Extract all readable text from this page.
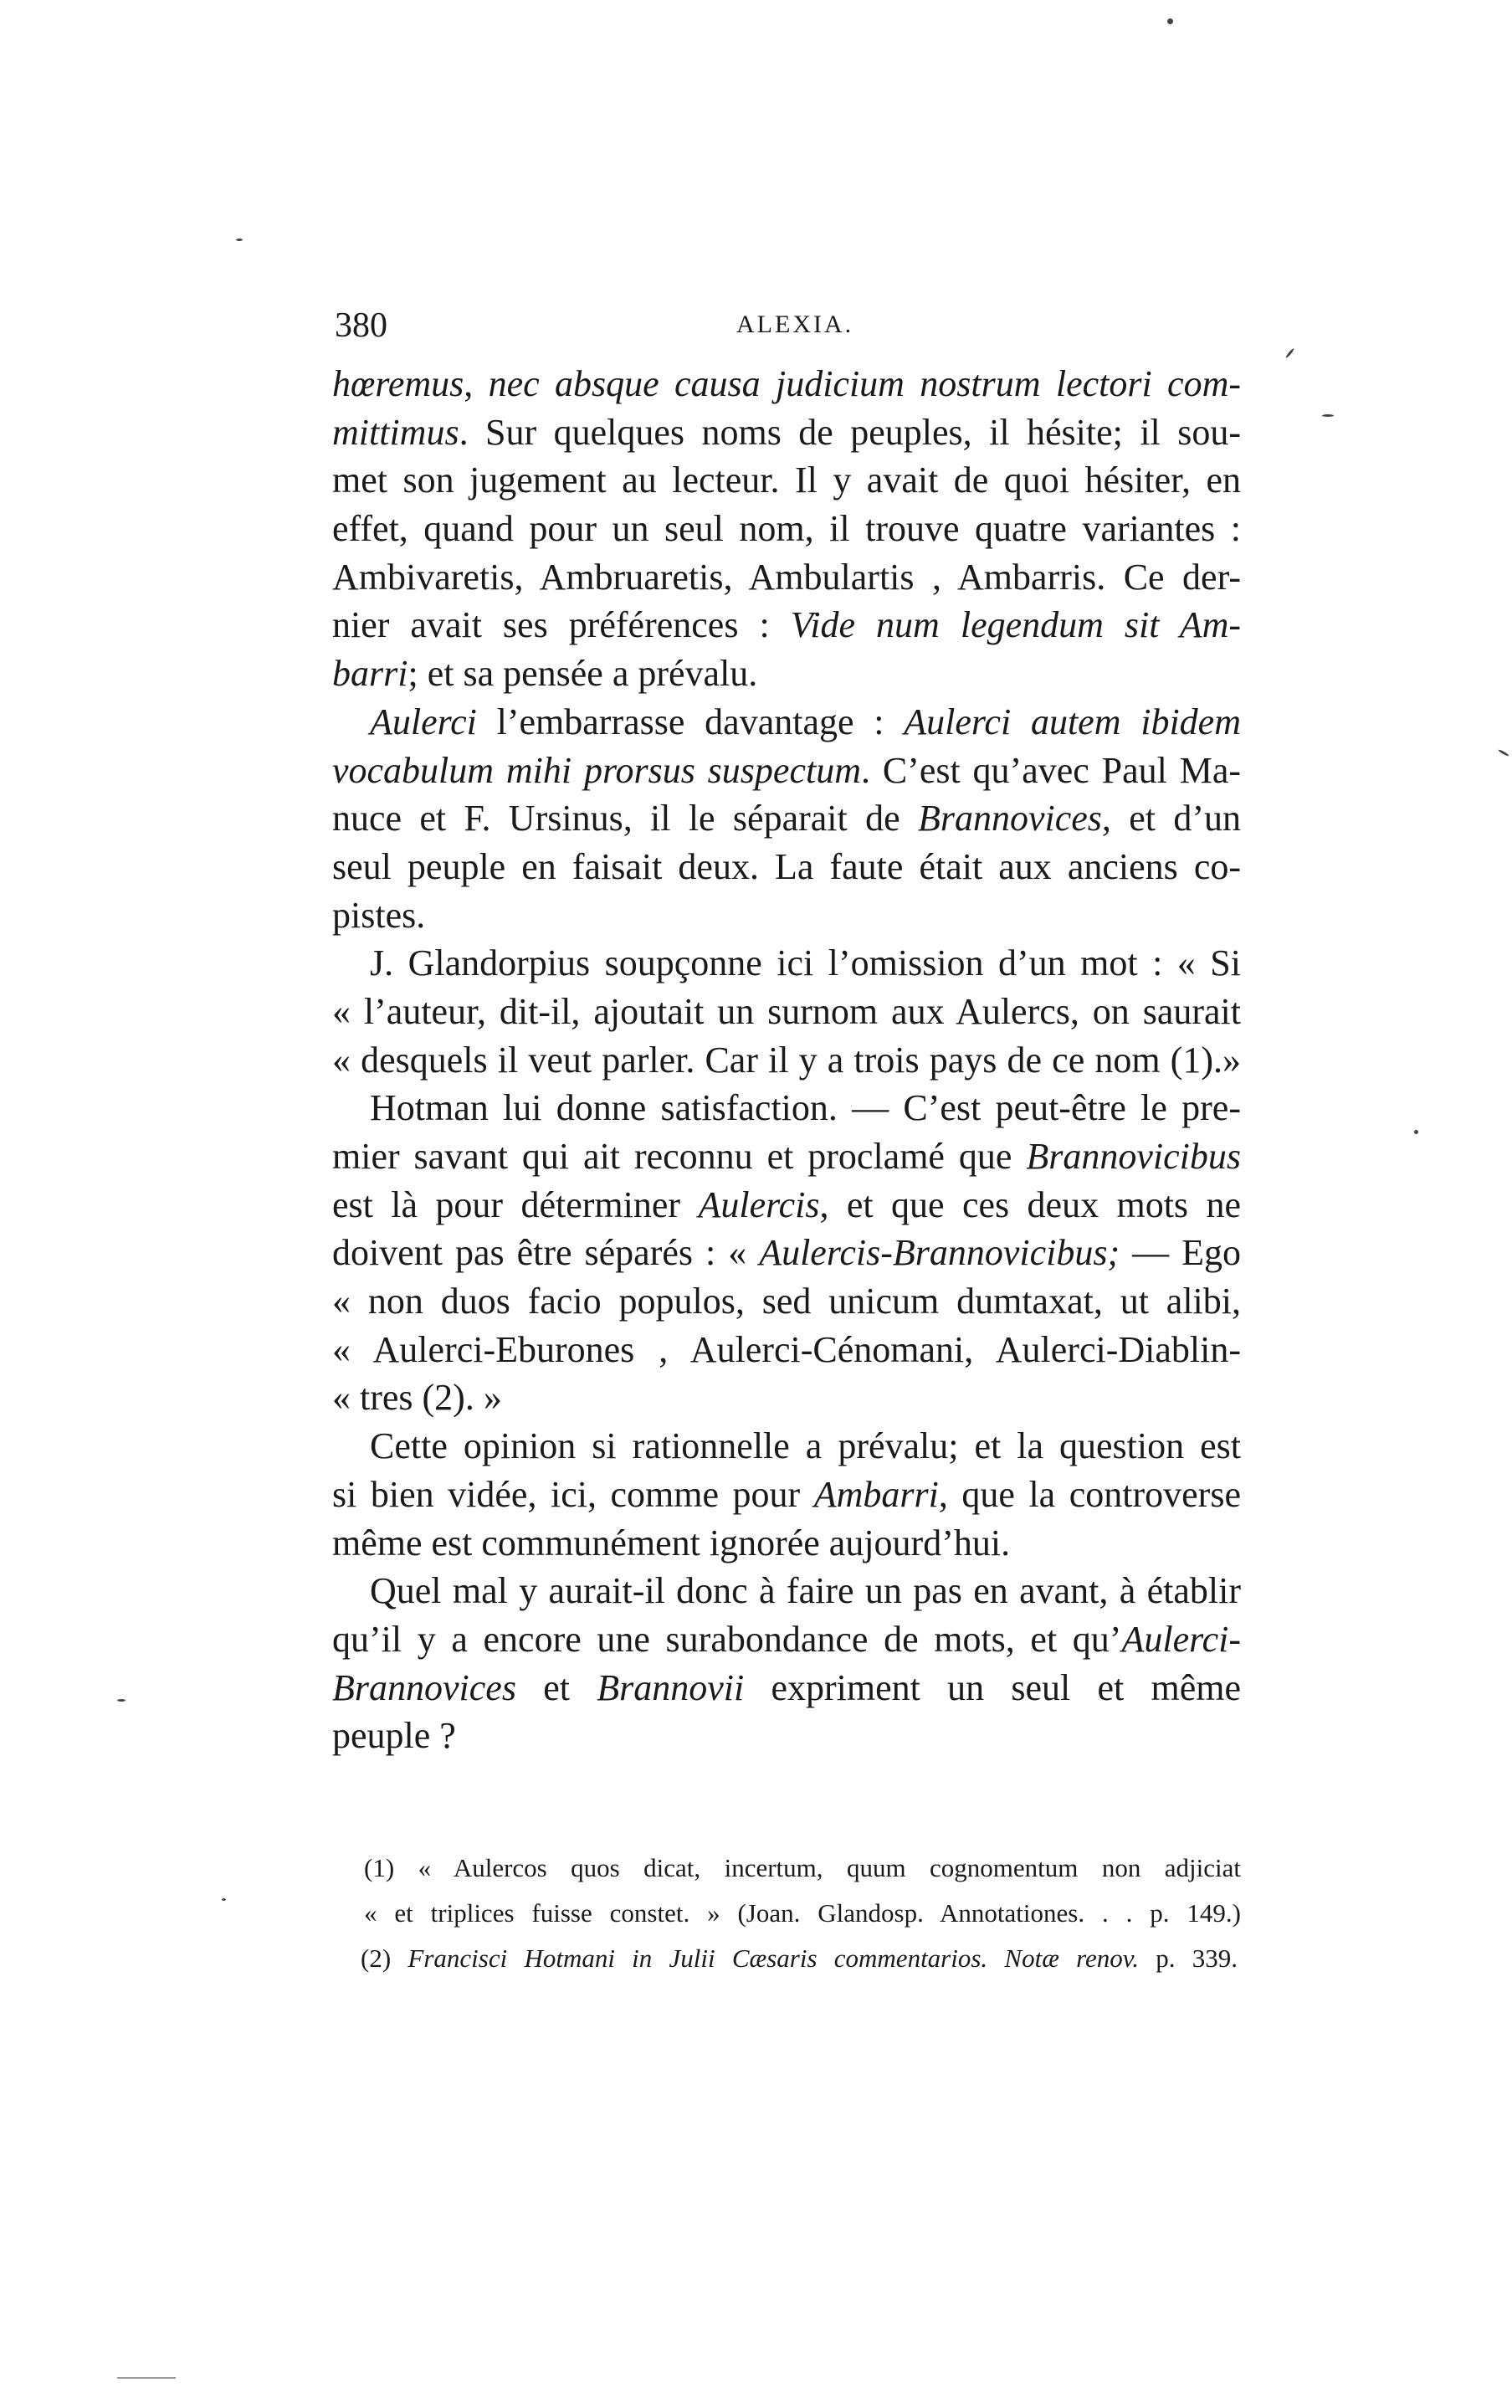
380	ALEXIA.
hœremus, nec absque causa judicium nostrum lectori com-
mittimus. Sur quelques noms de peuples, il hésite; il sou-
met son jugement au lecteur. Il y avait de quoi hésiter, en
effet, quand pour un seul nom, il trouve quatre variantes :
Ambivaretis, Ambruaretis, Ambulartis , Ambarris. Ce der-
nier avait ses préférences : Vide num legendum sit Am-
barri; et sa pensée a prévalu.
Aulerci l’embarrasse davantage : Aulerci autem ibidem
vocabulum mihi prorsus suspectum. C’est qu’avec Paul Ma-
nuce et F. Ursinus, il le séparait de Brannovices, et d’un
seul peuple en faisait deux. La faute était aux anciens co-
pistes.
J. Glandorpius soupçonne ici l’omission d’un mot : « Si
« l’auteur, dit-il, ajoutait un surnom aux Aulercs, on saurait
« desquels il veut parler. Car il y a trois pays de ce nom (1).»
Hotman lui donne satisfaction. — C’est peut-être le pre-
mier savant qui ait reconnu et proclamé que Brannovicibus
est là pour déterminer Aulercis, et que ces deux mots ne
doivent pas être séparés : « Aulercis-Brannovicibus; — Ego
« non duos facio populos, sed unicum dumtaxat, ut alibi,
« Aulerci-Eburones , Aulerci-Cénomani, Aulerci-Diablin-
« tres (2). »
Cette opinion si rationnelle a prévalu; et la question est
si bien vidée, ici, comme pour Ambarri, que la controverse
même est communément ignorée aujourd’hui.
Quel mal y aurait-il donc à faire un pas en avant, à établir
qu’il y a encore une surabondance de mots, et qu’Aulerci-
Brannovices et Brannovii expriment un seul et même
peuple ?
(1) « Aulercos quos dicat, incertum, quum cognomentum non adjiciat
« et triplices fuisse constet. » (Joan. Glandosp. Annotationes. . . p. 149.)
(2) Francisci Hotmani in Julii Cæsaris commentarios. Notæ renov. p. 339.
